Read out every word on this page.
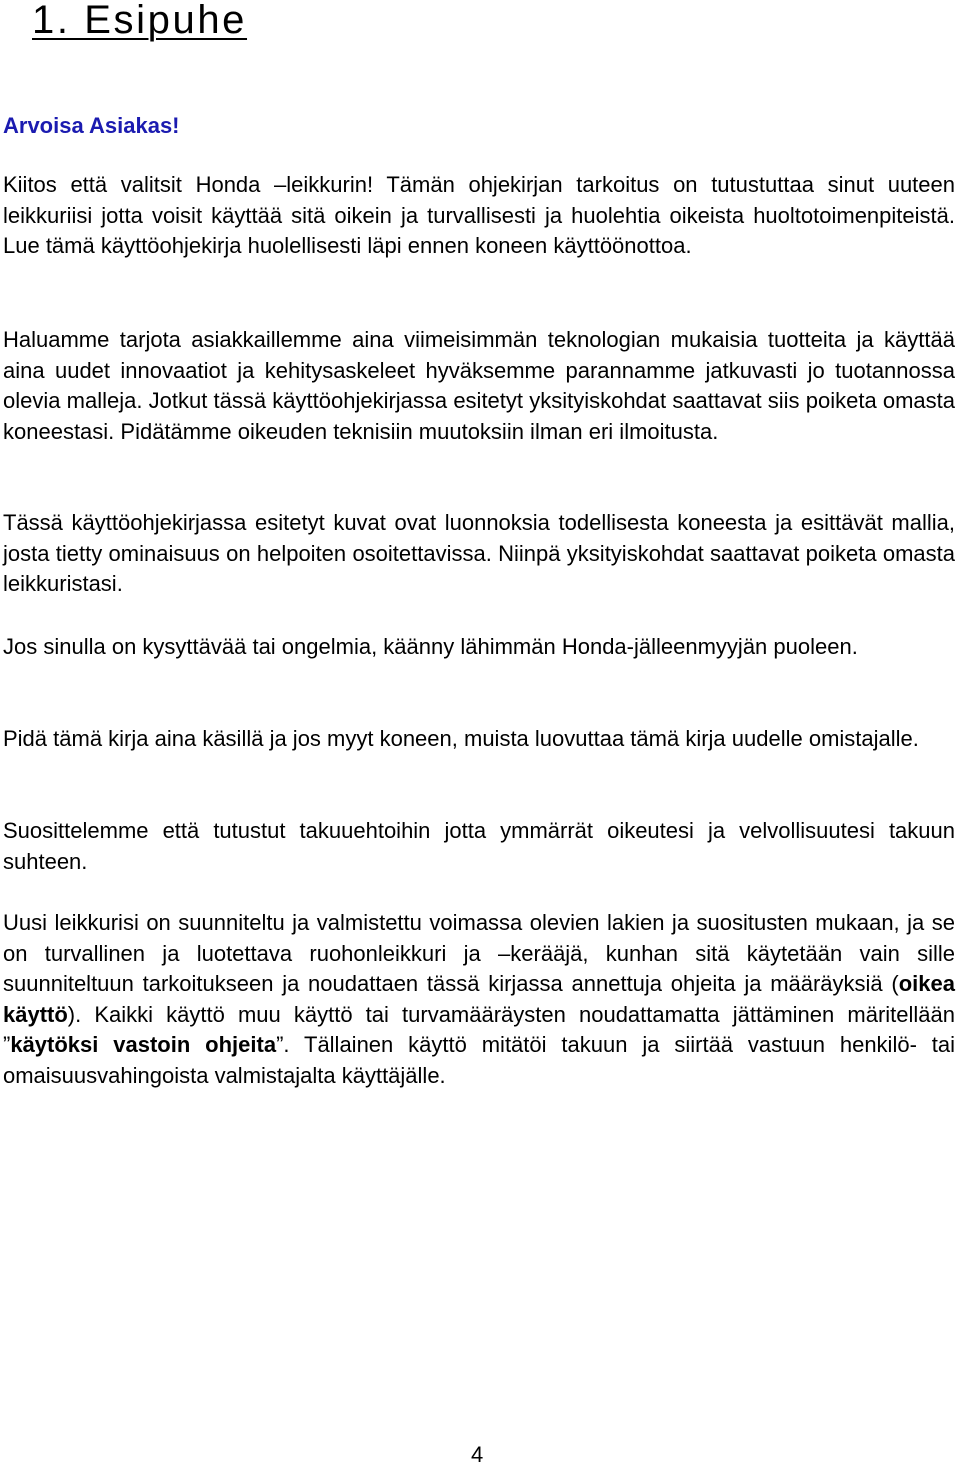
1. Esipuhe

Arvoisa Asiakas!

Kiitos että valitsit Honda –leikkurin! Tämän ohjekirjan tarkoitus on tutustuttaa sinut uuteen leikkuriisi jotta voisit käyttää sitä oikein ja turvallisesti ja huolehtia oikeista huoltotoimenpiteistä. Lue tämä käyttöohjekirja huolellisesti läpi ennen koneen käyttöönottoa.

Haluamme tarjota asiakkaillemme aina viimeisimmän teknologian mukaisia tuotteita ja käyttää aina uudet innovaatiot ja kehitysaskeleet hyväksemme parannamme jatkuvasti jo tuotannossa olevia malleja. Jotkut tässä käyttöohjekirjassa esitetyt yksityiskohdat saattavat siis poiketa omasta koneestasi. Pidätämme oikeuden teknisiin muutoksiin ilman eri ilmoitusta.

Tässä käyttöohjekirjassa esitetyt kuvat ovat luonnoksia todellisesta koneesta ja esittävät mallia, josta tietty ominaisuus on helpoiten osoitettavissa. Niinpä yksityiskohdat saattavat poiketa omasta leikkuristasi.

Jos sinulla on kysyttävää tai ongelmia, käänny lähimmän Honda-jälleenmyyjän puoleen.

Pidä tämä kirja aina käsillä ja jos myyt koneen, muista luovuttaa tämä kirja uudelle omistajalle.

Suosittelemme että tutustut takuuehtoihin jotta ymmärrät oikeutesi ja velvollisuutesi takuun suhteen.

Uusi leikkurisi on suunniteltu ja valmistettu voimassa olevien lakien ja suositusten mukaan, ja se on turvallinen ja luotettava ruohonleikkuri ja –kerääjä, kunhan sitä käytetään vain sille suunniteltuun tarkoitukseen ja noudattaen tässä kirjassa annettuja ohjeita ja määräyksiä (oikea käyttö). Kaikki käyttö muu käyttö tai turvamääräysten noudattamatta jättäminen märitellään ”käytöksi vastoin ohjeita”. Tällainen käyttö mitätöi takuun ja siirtää vastuun henkilö- tai omaisuusvahingoista valmistajalta käyttäjälle.

4
